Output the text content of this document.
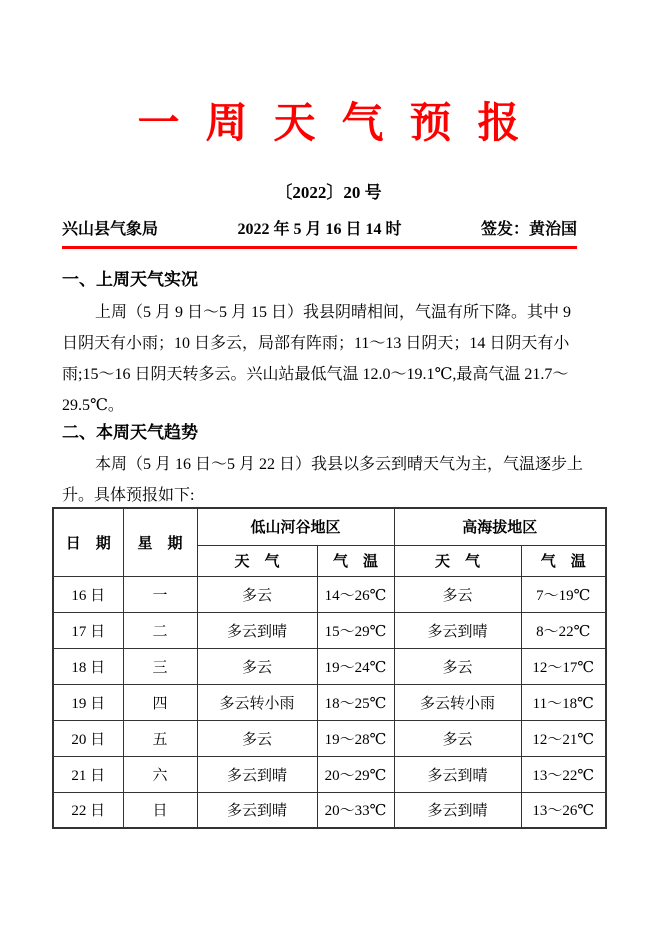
一周天气预报
〔2022〕20 号
兴山县气象局	2022 年 5 月 16 日 14 时	签发：黄治国
一、上周天气实况
上周（5 月 9 日～5 月 15 日）我县阴晴相间，气温有所下降。其中 9
日阴天有小雨；10 日多云，局部有阵雨；11～13 日阴天；14 日阴天有小
雨;15～16 日阴天转多云。兴山站最低气温 12.0～19.1℃,最高气温 21.7～
29.5℃。
二、本周天气趋势
本周（5 月 16 日～5 月 22 日）我县以多云到晴天气为主，气温逐步上
升。具体预报如下:
日　期	星　期	低山河谷地区		高海拔地区	
		天　气	气　温	天　气	气　温
16 日	一	多云	14～26℃	多云	7～19℃
17 日	二	多云到晴	15～29℃	多云到晴	8～22℃
18 日	三	多云	19～24℃	多云	12～17℃
19 日	四	多云转小雨	18～25℃	多云转小雨	11～18℃
20 日	五	多云	19～28℃	多云	12～21℃
21 日	六	多云到晴	20～29℃	多云到晴	13～22℃
22 日	日	多云到晴	20～33℃	多云到晴	13～26℃
